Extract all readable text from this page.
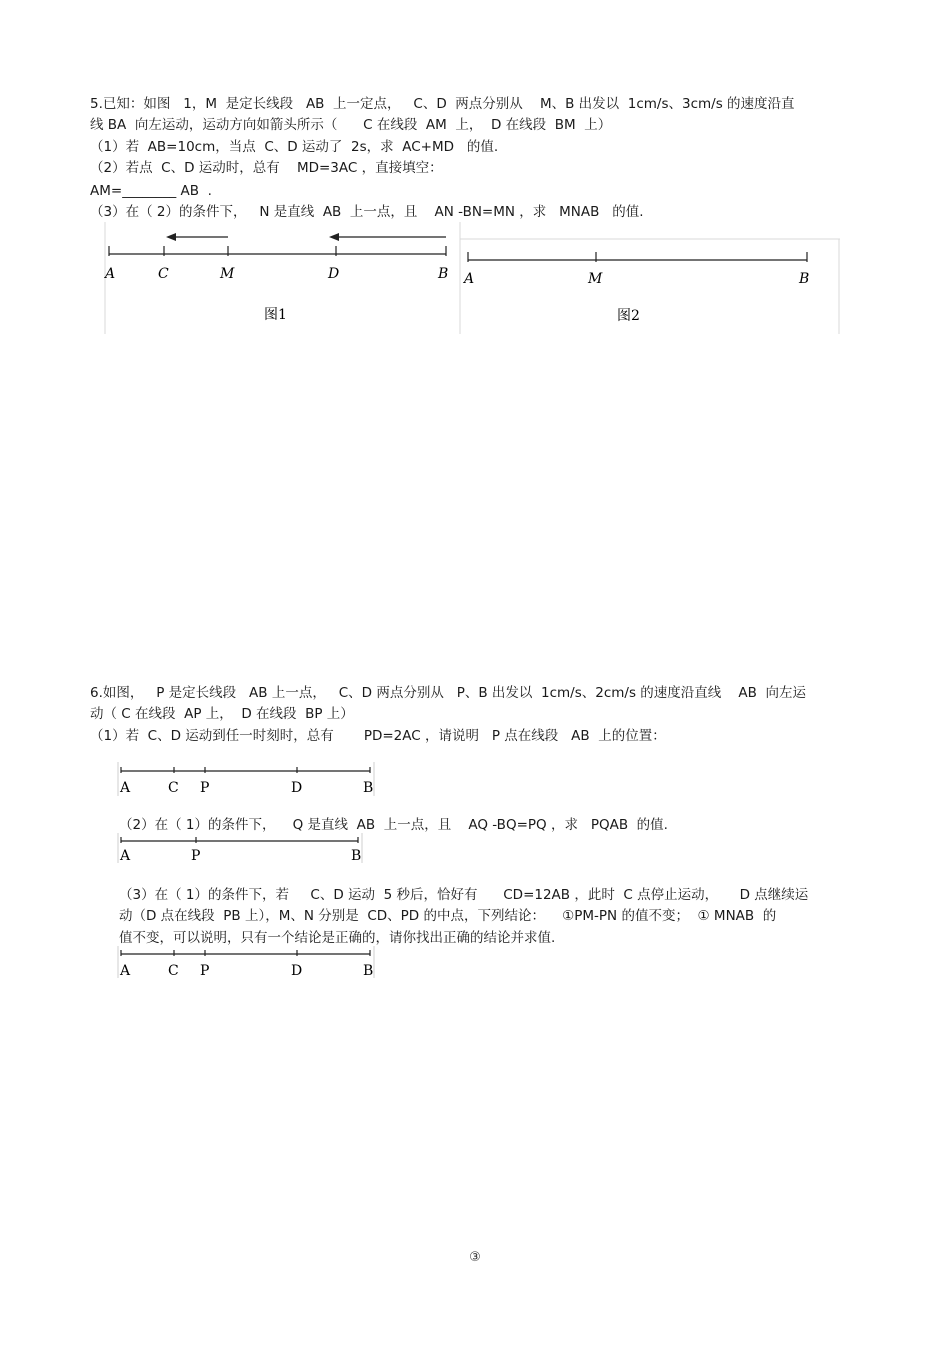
5.已知：如图   1，M  是定长线段   AB  上一定点，   C、D  两点分别从    M、B 出发以  1cm/s、3cm/s 的速度沿直
线 BA  向左运动，运动方向如箭头所示（      C 在线段  AM  上，  D 在线段  BM  上）
（1）若  AB=10cm，当点  C、D 运动了  2s，求  AC+MD   的值.
（2）若点  C、D 运动时，总有    MD=3AC ，直接填空：
AM=________ AB  .
（3）在（ 2）的条件下，   N 是直线  AB  上一点，且    AN -BN=MN ，求   MNAB   的值.
A	C	M	D	B
图1
A	M	B
图2
6.如图，   P 是定长线段   AB 上一点，   C、D 两点分别从   P、B 出发以  1cm/s、2cm/s 的速度沿直线    AB  向左运
动（ C 在线段  AP 上，  D 在线段  BP 上）
（1）若  C、D 运动到任一时刻时，总有       PD=2AC ，请说明   P 点在线段   AB  上的位置：
A	C P	D	B
（2）在（ 1）的条件下，    Q 是直线  AB  上一点，且    AQ -BQ=PQ ，求   PQAB  的值.
A	P	B
（3）在（ 1）的条件下，若     C、D 运动  5 秒后，恰好有      CD=12AB ，此时  C 点停止运动，     D 点继续运
动（D 点在线段  PB 上），M、N 分别是  CD、PD 的中点，下列结论：    ①PM-PN 的值不变；  ① MNAB  的
值不变，可以说明，只有一个结论是正确的，请你找出正确的结论并求值.
A	C P	D	B
③
